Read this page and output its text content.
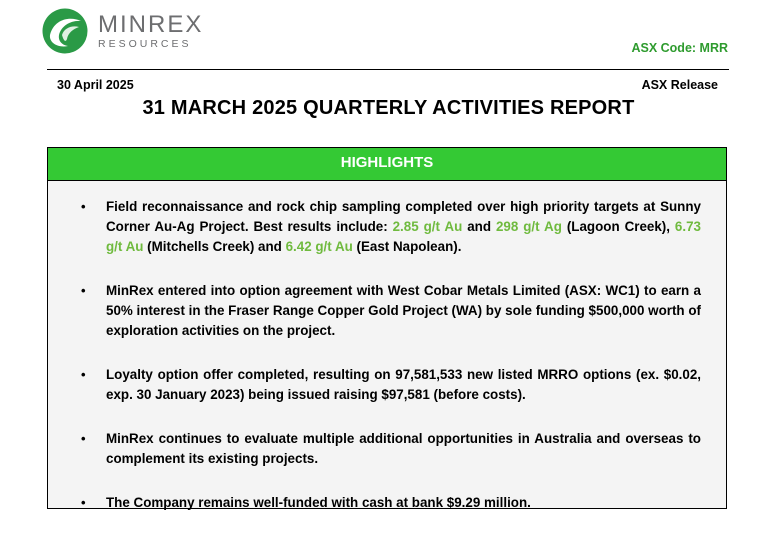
MINREX
RESOURCES	ASX Code: MRR
30 April 2025	ASX Release
31 MARCH 2025 QUARTERLY ACTIVITIES REPORT
HIGHLIGHTS
• Field reconnaissance and rock chip sampling completed over high priority targets at Sunny Corner Au-Ag Project. Best results include: 2.85 g/t Au and 298 g/t Ag (Lagoon Creek), 6.73 g/t Au (Mitchells Creek) and 6.42 g/t Au (East Napolean).
• MinRex entered into option agreement with West Cobar Metals Limited (ASX: WC1) to earn a 50% interest in the Fraser Range Copper Gold Project (WA) by sole funding $500,000 worth of exploration activities on the project.
• Loyalty option offer completed, resulting on 97,581,533 new listed MRRO options (ex. $0.02, exp. 30 January 2023) being issued raising $97,581 (before costs).
• MinRex continues to evaluate multiple additional opportunities in Australia and overseas to complement its existing projects.
• The Company remains well-funded with cash at bank $9.29 million.
